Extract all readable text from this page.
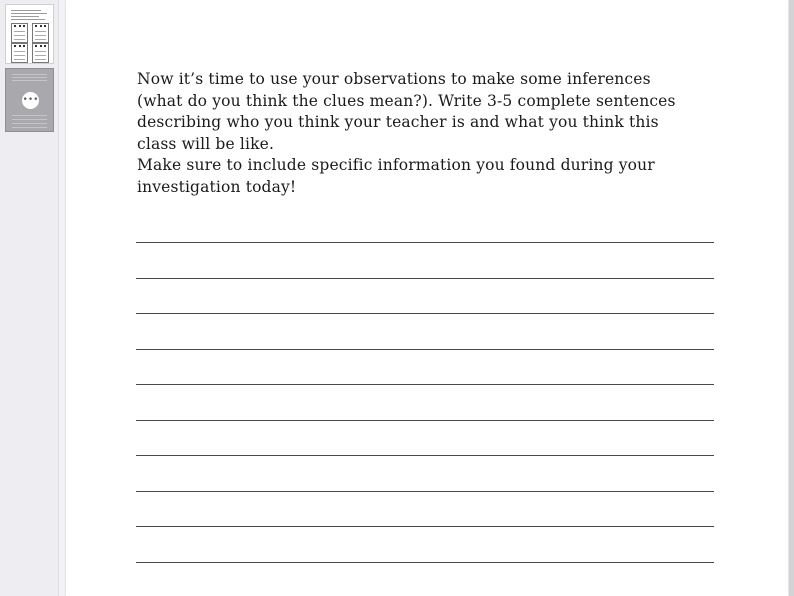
•••

Now it’s time to use your observations to make some inferences
(what do you think the clues mean?). Write 3-5 complete sentences
describing who you think your teacher is and what you think this
class will be like.
Make sure to include specific information you found during your
investigation today!
